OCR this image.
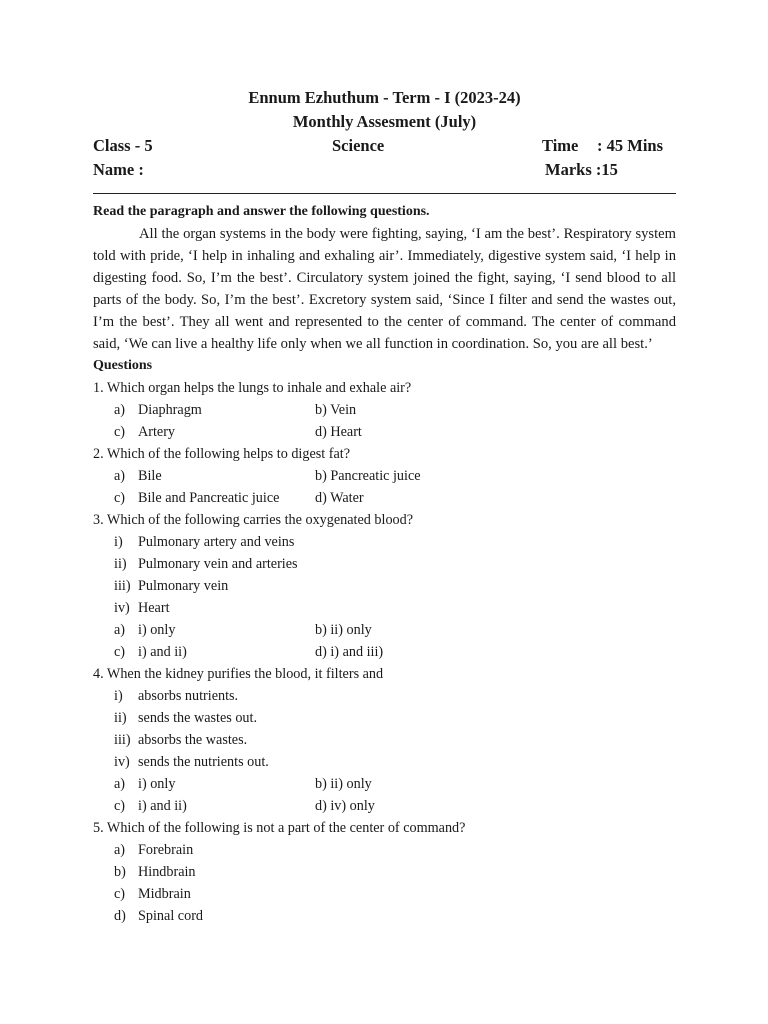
Ennum Ezhuthum - Term - I (2023-24)
Monthly Assesment (July)
Class - 5	Science	Time : 45 Mins
Name :	Marks :15
Read the paragraph and answer the following questions.

All the organ systems in the body were fighting, saying, ‘I am the best’. Respiratory system told with pride, ‘I help in inhaling and exhaling air’. Immediately, digestive system said, ‘I help in digesting food. So, I’m the best’. Circulatory system joined the fight, saying, ‘I send blood to all parts of the body. So, I’m the best’. Excretory system said, ‘Since I filter and send the wastes out, I’m the best’. They all went and represented to the center of command. The center of command said, ‘We can live a healthy life only when we all function in coordination. So, you are all best.’

Questions
1. Which organ helps the lungs to inhale and exhale air?
a) Diaphragm	b) Vein
c) Artery	d) Heart
2. Which of the following helps to digest fat?
a) Bile	b) Pancreatic juice
c) Bile and Pancreatic juice	d) Water
3. Which of the following carries the oxygenated blood?
i) Pulmonary artery and veins
ii) Pulmonary vein and arteries
iii) Pulmonary vein
iv) Heart
a) i) only	b) ii) only
c) i) and ii)	d) i) and iii)
4. When the kidney purifies the blood, it filters and
i) absorbs nutrients.
ii) sends the wastes out.
iii) absorbs the wastes.
iv) sends the nutrients out.
a) i) only	b) ii) only
c) i) and ii)	d) iv) only
5. Which of the following is not a part of the center of command?
a) Forebrain
b) Hindbrain
c) Midbrain
d) Spinal cord
